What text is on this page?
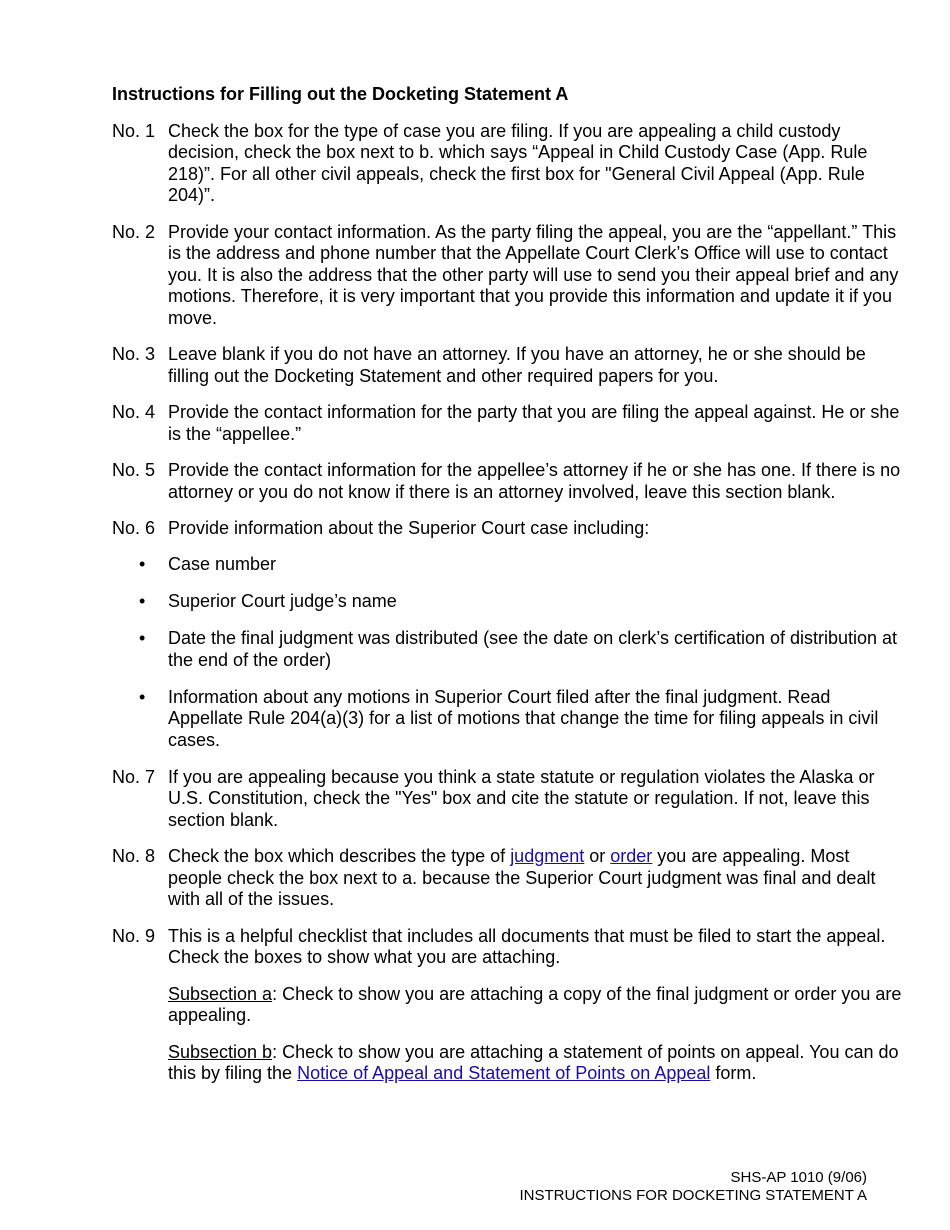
Instructions for Filling out the Docketing Statement A
No. 1 Check the box for the type of case you are filing. If you are appealing a child custody decision, check the box next to b. which says “Appeal in Child Custody Case (App. Rule 218)”. For all other civil appeals, check the first box for "General Civil Appeal (App. Rule 204)”.
No. 2 Provide your contact information. As the party filing the appeal, you are the “appellant.” This is the address and phone number that the Appellate Court Clerk’s Office will use to contact you. It is also the address that the other party will use to send you their appeal brief and any motions. Therefore, it is very important that you provide this information and update it if you move.
No. 3 Leave blank if you do not have an attorney. If you have an attorney, he or she should be filling out the Docketing Statement and other required papers for you.
No. 4 Provide the contact information for the party that you are filing the appeal against. He or she is the “appellee.”
No. 5 Provide the contact information for the appellee’s attorney if he or she has one. If there is no attorney or you do not know if there is an attorney involved, leave this section blank.
No. 6 Provide information about the Superior Court case including:
• Case number
• Superior Court judge’s name
• Date the final judgment was distributed (see the date on clerk’s certification of distribution at the end of the order)
• Information about any motions in Superior Court filed after the final judgment. Read Appellate Rule 204(a)(3) for a list of motions that change the time for filing appeals in civil cases.
No. 7 If you are appealing because you think a state statute or regulation violates the Alaska or U.S. Constitution, check the "Yes" box and cite the statute or regulation. If not, leave this section blank.
No. 8 Check the box which describes the type of judgment or order you are appealing. Most people check the box next to a. because the Superior Court judgment was final and dealt with all of the issues.
No. 9 This is a helpful checklist that includes all documents that must be filed to start the appeal. Check the boxes to show what you are attaching.
Subsection a: Check to show you are attaching a copy of the final judgment or order you are appealing.
Subsection b: Check to show you are attaching a statement of points on appeal. You can do this by filing the Notice of Appeal and Statement of Points on Appeal form.
SHS-AP 1010 (9/06)
INSTRUCTIONS FOR DOCKETING STATEMENT A
